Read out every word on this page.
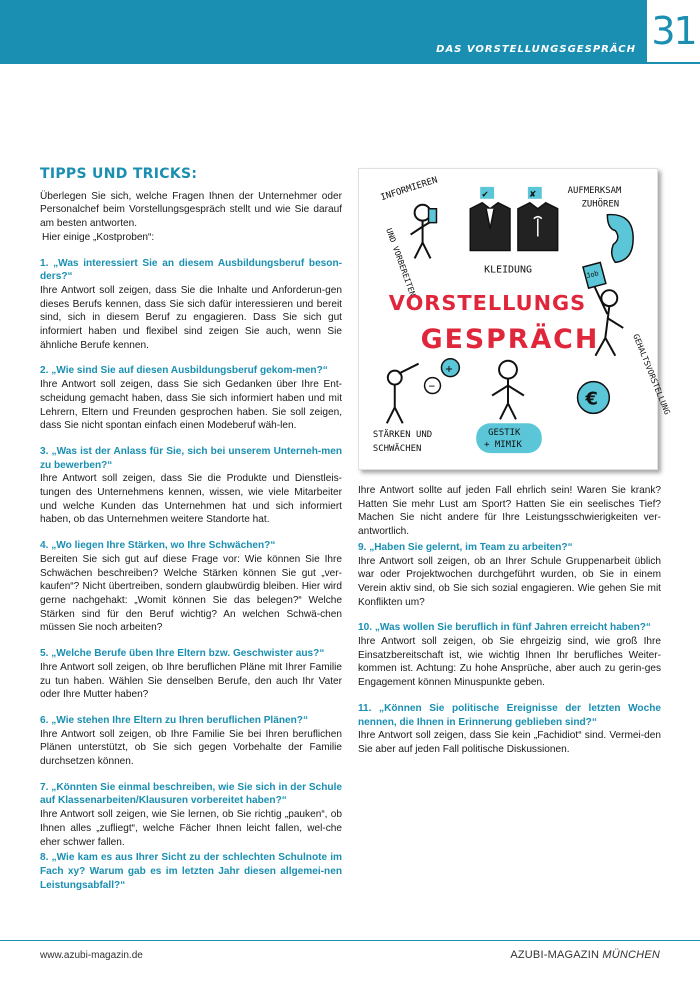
DAS VORSTELLUNGSGESPRÄCH 31
TIPPS UND TRICKS:
Überlegen Sie sich, welche Fragen Ihnen der Unternehmer oder Personalchef beim Vorstellungsgespräch stellt und wie Sie darauf am besten antworten.
Hier einige „Kostproben“:
1. „Was interessiert Sie an diesem Ausbildungsberuf beson-ders?“
Ihre Antwort soll zeigen, dass Sie die Inhalte und Anforderun-gen dieses Berufs kennen, dass Sie sich dafür interessieren und bereit sind, sich in diesem Beruf zu engagieren. Dass Sie sich gut informiert haben und flexibel sind zeigen Sie auch, wenn Sie ähnliche Berufe kennen.
2. „Wie sind Sie auf diesen Ausbildungsberuf gekom-men?“
Ihre Antwort soll zeigen, dass Sie sich Gedanken über Ihre Ent-scheidung gemacht haben, dass Sie sich informiert haben und mit Lehrern, Eltern und Freunden gesprochen haben. Sie soll zeigen, dass Sie nicht spontan einfach einen Modeberuf wäh-len.
3. „Was ist der Anlass für Sie, sich bei unserem Unterneh-men zu bewerben?“
Ihre Antwort soll zeigen, dass Sie die Produkte und Dienstleis-tungen des Unternehmens kennen, wissen, wie viele Mitarbeiter und welche Kunden das Unternehmen hat und sich informiert haben, ob das Unternehmen weitere Standorte hat.
4. „Wo liegen Ihre Stärken, wo Ihre Schwächen?“
Bereiten Sie sich gut auf diese Frage vor: Wie können Sie Ihre Schwächen beschreiben? Welche Stärken können Sie gut „ver-kaufen“? Nicht übertreiben, sondern glaubwürdig bleiben. Hier wird gerne nachgehakt: „Womit können Sie das belegen?“ Welche Stärken sind für den Beruf wichtig? An welchen Schwä-chen müssen Sie noch arbeiten?
5. „Welche Berufe üben Ihre Eltern bzw. Geschwister aus?“
Ihre Antwort soll zeigen, ob Ihre beruflichen Pläne mit Ihrer Familie zu tun haben. Wählen Sie denselben Berufe, den auch Ihr Vater oder Ihre Mutter haben?
6. „Wie stehen Ihre Eltern zu Ihren beruflichen Plänen?“
Ihre Antwort soll zeigen, ob Ihre Familie Sie bei Ihren beruflichen Plänen unterstützt, ob Sie sich gegen Vorbehalte der Familie durchsetzen können.
7. „Könnten Sie einmal beschreiben, wie Sie sich in der Schule auf Klassenarbeiten/Klausuren vorbereitet haben?“
Ihre Antwort soll zeigen, wie Sie lernen, ob Sie richtig „pauken“, ob Ihnen alles „zufliegt“, welche Fächer Ihnen leicht fallen, wel-che eher schwer fallen.
8. „Wie kam es aus Ihrer Sicht zu der schlechten Schulnote im Fach xy? Warum gab es im letzten Jahr diesen allgemei-nen Leistungsabfall?“
INFORMIEREN
UND VORBEREITEN
✔	✘
KLEIDUNG
AUFMERKSAM
ZUHÖREN
VORSTELLUNGS
GESPRÄCH
Job
−
+
STÄRKEN UND
SCHWÄCHEN
GESTIK
+ MIMIK
€	GEHALTSVORSTELLUNG
Ihre Antwort sollte auf jeden Fall ehrlich sein! Waren Sie krank? Hatten Sie mehr Lust am Sport? Hatten Sie ein seelisches Tief? Machen Sie nicht andere für Ihre Leistungsschwierigkeiten ver-antwortlich.
9. „Haben Sie gelernt, im Team zu arbeiten?“
Ihre Antwort soll zeigen, ob an Ihrer Schule Gruppenarbeit üblich war oder Projektwochen durchgeführt wurden, ob Sie in einem Verein aktiv sind, ob Sie sich sozial engagieren. Wie gehen Sie mit Konflikten um?
10. „Was wollen Sie beruflich in fünf Jahren erreicht haben?“
Ihre Antwort soll zeigen, ob Sie ehrgeizig sind, wie groß Ihre Einsatzbereitschaft ist, wie wichtig Ihnen Ihr berufliches Weiter-kommen ist. Achtung: Zu hohe Ansprüche, aber auch zu gerin-ges Engagement können Minuspunkte geben.
11. „Können Sie politische Ereignisse der letzten Woche nennen, die Ihnen in Erinnerung geblieben sind?“
Ihre Antwort soll zeigen, dass Sie kein „Fachidiot“ sind. Vermei-den Sie aber auf jeden Fall politische Diskussionen.
www.azubi-magazin.de	AZUBI-MAGAZIN MÜNCHEN
